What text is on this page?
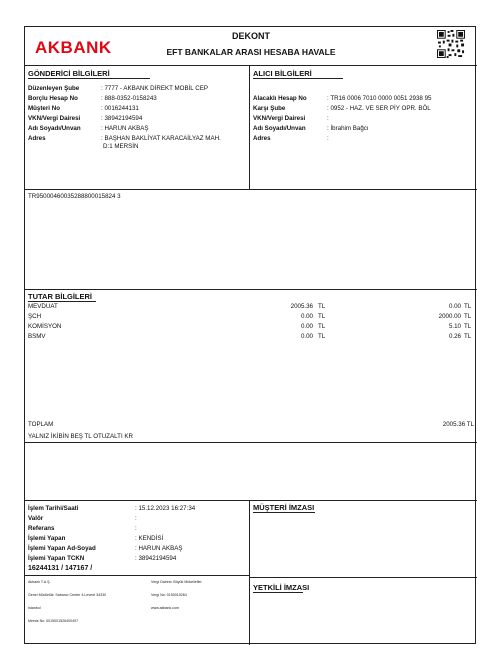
AKBANK
DEKONT
EFT BANKALAR ARASI HESABA HAVALE
GÖNDERİCİ BİLGİLERİ
Düzenleyen Şube	: 7777 - AKBANK DİREKT MOBİL CEP
Borçlu Hesap No	: 888-0352-0158243
Müşteri No	: 0016244131
VKN/Vergi Dairesi	: 38942194594
Adı Soyadı/Unvan	: HARUN AKBAŞ
Adres	: BAŞHAN BAKLİYAT KARACAİLYAZ MAH.
D:1 MERSİN
ALICI BİLGİLERİ
Alacaklı Hesap No	: TR16 0006 7010 0000 0051 2938 95
Karşı Şube	: 0952 - HAZ. VE SER PİY OPR. BÖL
VKN/Vergi Dairesi	:
Adı Soyadı/Unvan	: İbrahim Bağcı
Adres	:
TR95000460035288800015824 3
TUTAR BİLGİLERİ
MEVDUAT	2005.36 TL	0.00 TL
ŞCH	0.00 TL	2000.00 TL
KOMİSYON	0.00 TL	5.10 TL
BSMV	0.00 TL	0.26 TL
TOPLAM	2005.36 TL
YALNIZ İKİBİN BEŞ TL OTUZALTI KR
İşlem Tarihi/Saati	: 15.12.2023 16:27:34
Valör	:
Referans	:
İşlemi Yapan	: KENDİSİ
İşlemi Yapan Ad-Soyad	: HARUN AKBAŞ
İşlemi Yapan TCKN	: 38942194594
16244131 / 147167 /
MÜŞTERİ İMZASI
YETKİLİ İMZASI
Akbank T.A.Ş.
Genel Müdürlük: Sabancı Center 4.Levent 34330
İstanbul
Mersis No: 0015001526400497
Vergi Dairesi: Büyük Mükellefler
Vergi No: 0150015264
www.akbank.com
